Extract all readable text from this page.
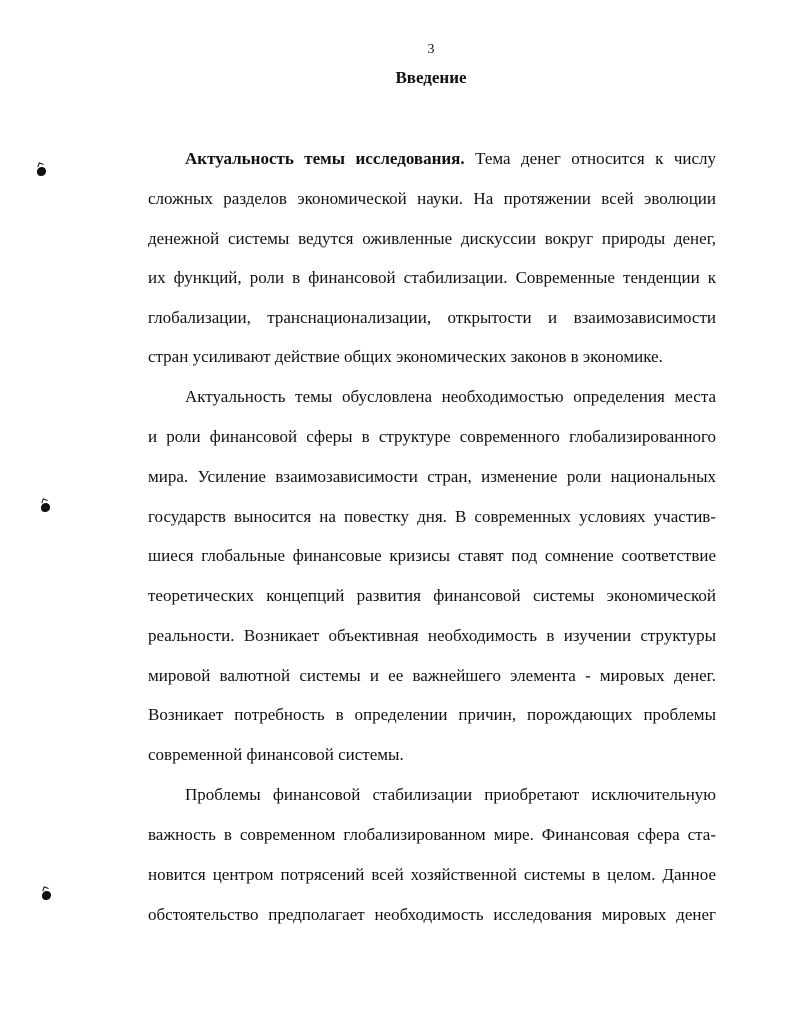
3
Введение
Актуальность темы исследования. Тема денег относится к числу
сложных разделов экономической науки. На протяжении всей эволюции
денежной системы ведутся оживленные дискуссии вокруг природы денег,
их функций, роли в финансовой стабилизации. Современные тенденции к
глобализации, транснационализации, открытости и взаимозависимости
стран усиливают действие общих экономических законов в экономике.
Актуальность темы обусловлена необходимостью определения места
и роли финансовой сферы в структуре современного глобализированного
мира. Усиление взаимозависимости стран, изменение роли национальных
государств выносится на повестку дня. В современных условиях участив-
шиеся глобальные финансовые кризисы ставят под сомнение соответствие
теоретических концепций развития финансовой системы экономической
реальности. Возникает объективная необходимость в изучении структуры
мировой валютной системы и ее важнейшего элемента - мировых денег.
Возникает потребность в определении причин, порождающих проблемы
современной финансовой системы.
Проблемы финансовой стабилизации приобретают исключительную
важность в современном глобализированном мире. Финансовая сфера ста-
новится центром потрясений всей хозяйственной системы в целом. Данное
обстоятельство предполагает необходимость исследования мировых денег
